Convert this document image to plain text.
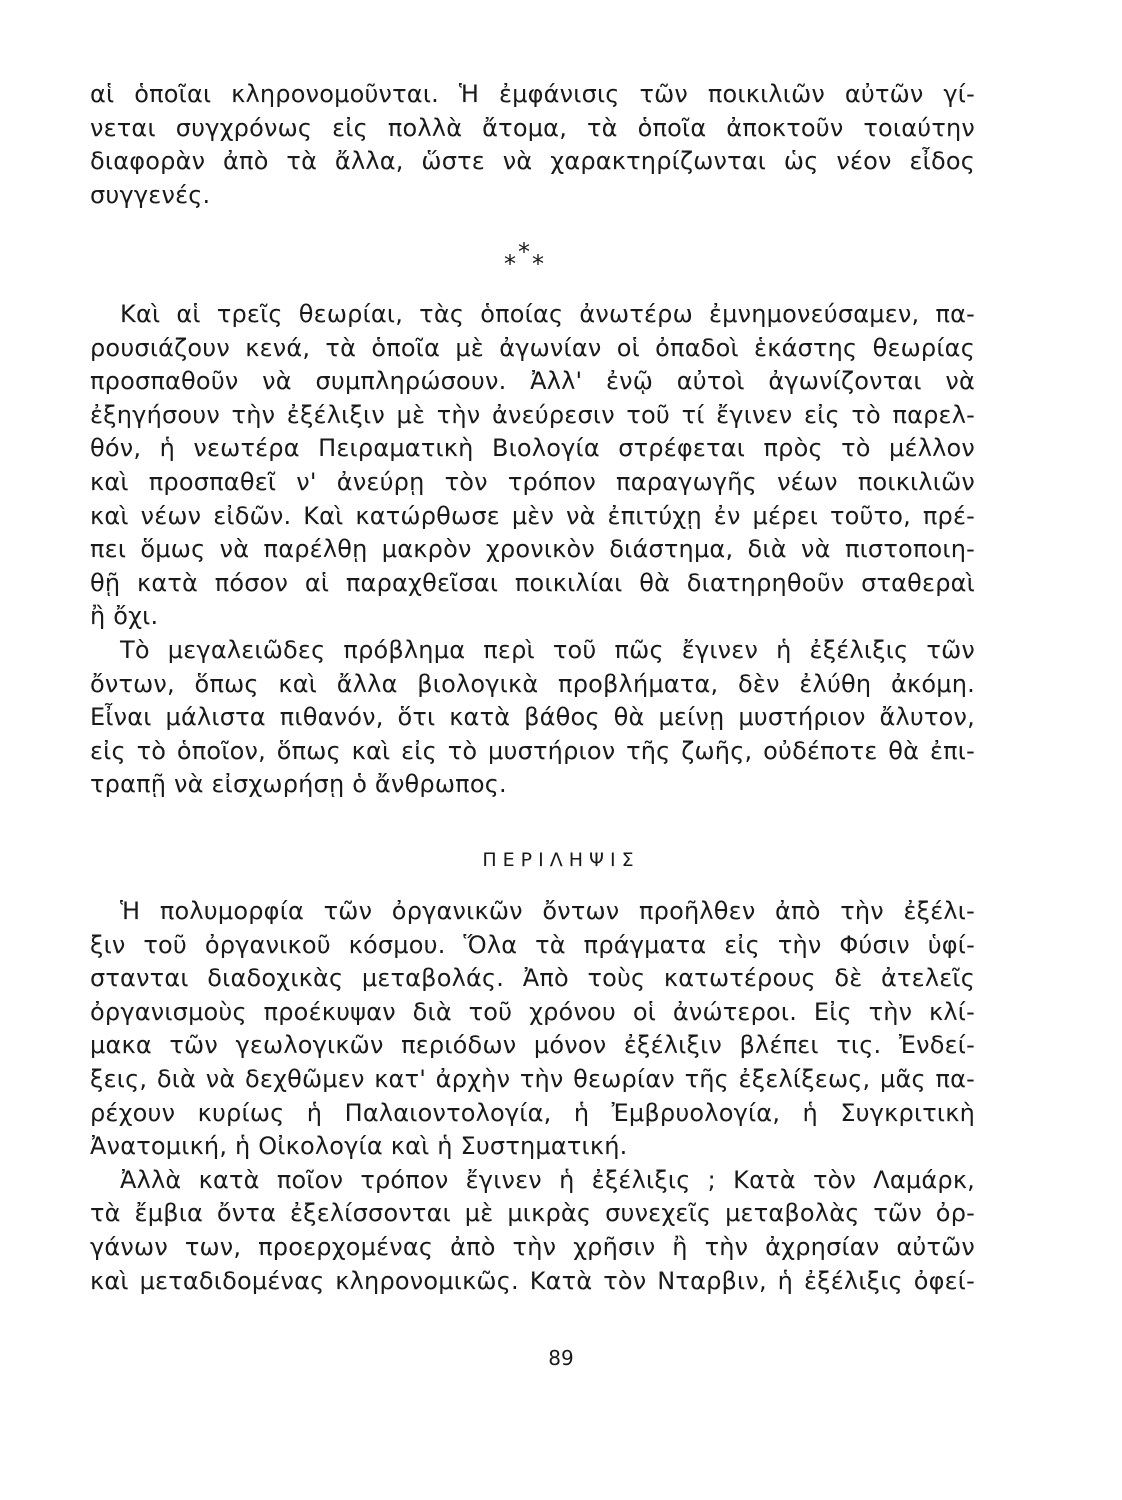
αἱ ὁποῖαι κληρονομοῦνται. Ἡ ἐμφάνισις τῶν ποικιλιῶν αὐτῶν γί-
νεται συγχρόνως εἰς πολλὰ ἄτομα, τὰ ὁποῖα ἀποκτοῦν τοιαύτην
διαφορὰν ἀπὸ τὰ ἄλλα, ὥστε νὰ χαρακτηρίζωνται ὡς νέον εἶδος
συγγενές.
* * *
Καὶ αἱ τρεῖς θεωρίαι, τὰς ὁποίας ἀνωτέρω ἐμνημονεύσαμεν, πα-
ρουσιάζουν κενά, τὰ ὁποῖα μὲ ἀγωνίαν οἱ ὀπαδοὶ ἑκάστης θεωρίας
προσπαθοῦν νὰ συμπληρώσουν. Ἀλλ' ἐνῷ αὐτοὶ ἀγωνίζονται νὰ
ἐξηγήσουν τὴν ἐξέλιξιν μὲ τὴν ἀνεύρεσιν τοῦ τί ἔγινεν εἰς τὸ παρελ-
θόν, ἡ νεωτέρα Πειραματικὴ Βιολογία στρέφεται πρὸς τὸ μέλλον
καὶ προσπαθεῖ ν' ἀνεύρῃ τὸν τρόπον παραγωγῆς νέων ποικιλιῶν
καὶ νέων εἰδῶν. Καὶ κατώρθωσε μὲν νὰ ἐπιτύχῃ ἐν μέρει τοῦτο, πρέ-
πει ὅμως νὰ παρέλθῃ μακρὸν χρονικὸν διάστημα, διὰ νὰ πιστοποιη-
θῇ κατὰ πόσον αἱ παραχθεῖσαι ποικιλίαι θὰ διατηρηθοῦν σταθεραὶ
ἢ ὄχι.
Τὸ μεγαλειῶδες πρόβλημα περὶ τοῦ πῶς ἔγινεν ἡ ἐξέλιξις τῶν
ὄντων, ὅπως καὶ ἄλλα βιολογικὰ προβλήματα, δὲν ἐλύθη ἀκόμη.
Εἶναι μάλιστα πιθανόν, ὅτι κατὰ βάθος θὰ μείνῃ μυστήριον ἄλυτον,
εἰς τὸ ὁποῖον, ὅπως καὶ εἰς τὸ μυστήριον τῆς ζωῆς, οὐδέποτε θὰ ἐπι-
τραπῇ νὰ εἰσχωρήσῃ ὁ ἄνθρωπος.
ΠΕΡΙΛΗΨΙΣ
Ἡ πολυμορφία τῶν ὀργανικῶν ὄντων προῆλθεν ἀπὸ τὴν ἐξέλι-
ξιν τοῦ ὀργανικοῦ κόσμου. Ὅλα τὰ πράγματα εἰς τὴν Φύσιν ὑφί-
στανται διαδοχικὰς μεταβολάς. Ἀπὸ τοὺς κατωτέρους δὲ ἀτελεῖς
ὀργανισμοὺς προέκυψαν διὰ τοῦ χρόνου οἱ ἀνώτεροι. Εἰς τὴν κλί-
μακα τῶν γεωλογικῶν περιόδων μόνον ἐξέλιξιν βλέπει τις. Ἐνδεί-
ξεις, διὰ νὰ δεχθῶμεν κατ' ἀρχὴν τὴν θεωρίαν τῆς ἐξελίξεως, μᾶς πα-
ρέχουν κυρίως ἡ Παλαιοντολογία, ἡ Ἐμβρυολογία, ἡ Συγκριτικὴ
Ἀνατομική, ἡ Οἰκολογία καὶ ἡ Συστηματική.
Ἀλλὰ κατὰ ποῖον τρόπον ἔγινεν ἡ ἐξέλιξις ; Κατὰ τὸν Λαμάρκ,
τὰ ἔμβια ὄντα ἐξελίσσονται μὲ μικρὰς συνεχεῖς μεταβολὰς τῶν ὀρ-
γάνων των, προερχομένας ἀπὸ τὴν χρῆσιν ἢ τὴν ἀχρησίαν αὐτῶν
καὶ μεταδιδομένας κληρονομικῶς. Κατὰ τὸν Νταρβιν, ἡ ἐξέλιξις ὀφεί-
89
